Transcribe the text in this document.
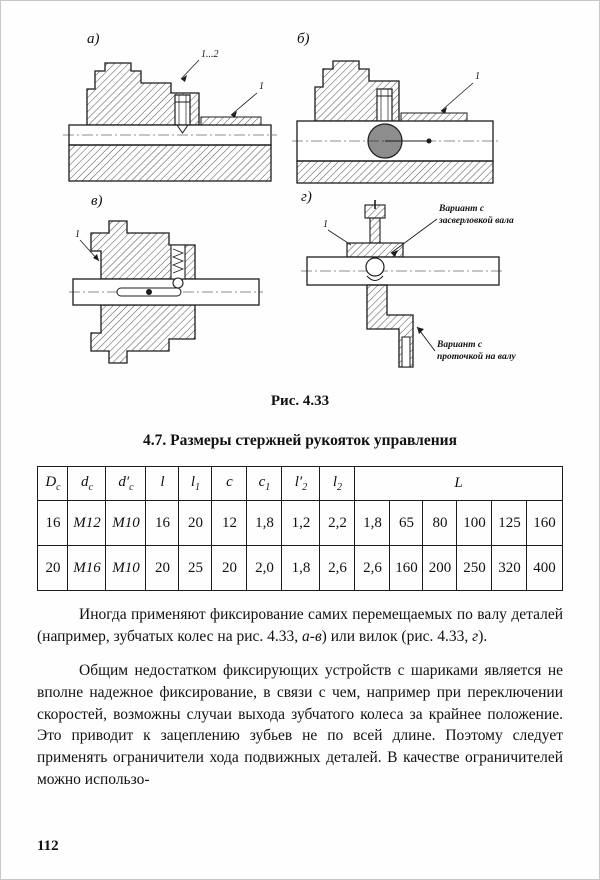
а)	б)
в)	г)
1...2
1
1
1
Вариант с
засверловкой вала
Вариант с
проточкой на валу
1
Рис. 4.33
4.7. Размеры стержней рукояток управления
$D_с$	$d_с$	$d'_с$	l	$l_1$	c	$c_1$	$l'_2$	$l_2$	L					
16	М12	М10	16	20	12	1,8	1,2	2,2	1,8	65	80	100	125	160
20	М16	М10	20	25	20	2,0	1,8	2,6	2,6	160	200	250	320	400

Иногда применяют фиксирование самих перемещаемых по валу деталей (например, зубчатых колес на рис. 4.33, а-в) или вилок (рис. 4.33, г).

Общим недостатком фиксирующих устройств с шариками является не вполне надежное фиксирование, в связи с чем, например при переключении скоростей, возможны случаи выхода зубчатого колеса за крайнее положение. Это приводит к зацеплению зубьев не по всей длине. Поэтому следует применять ограничители хода подвижных деталей. В качестве ограничителей можно использо-

112
